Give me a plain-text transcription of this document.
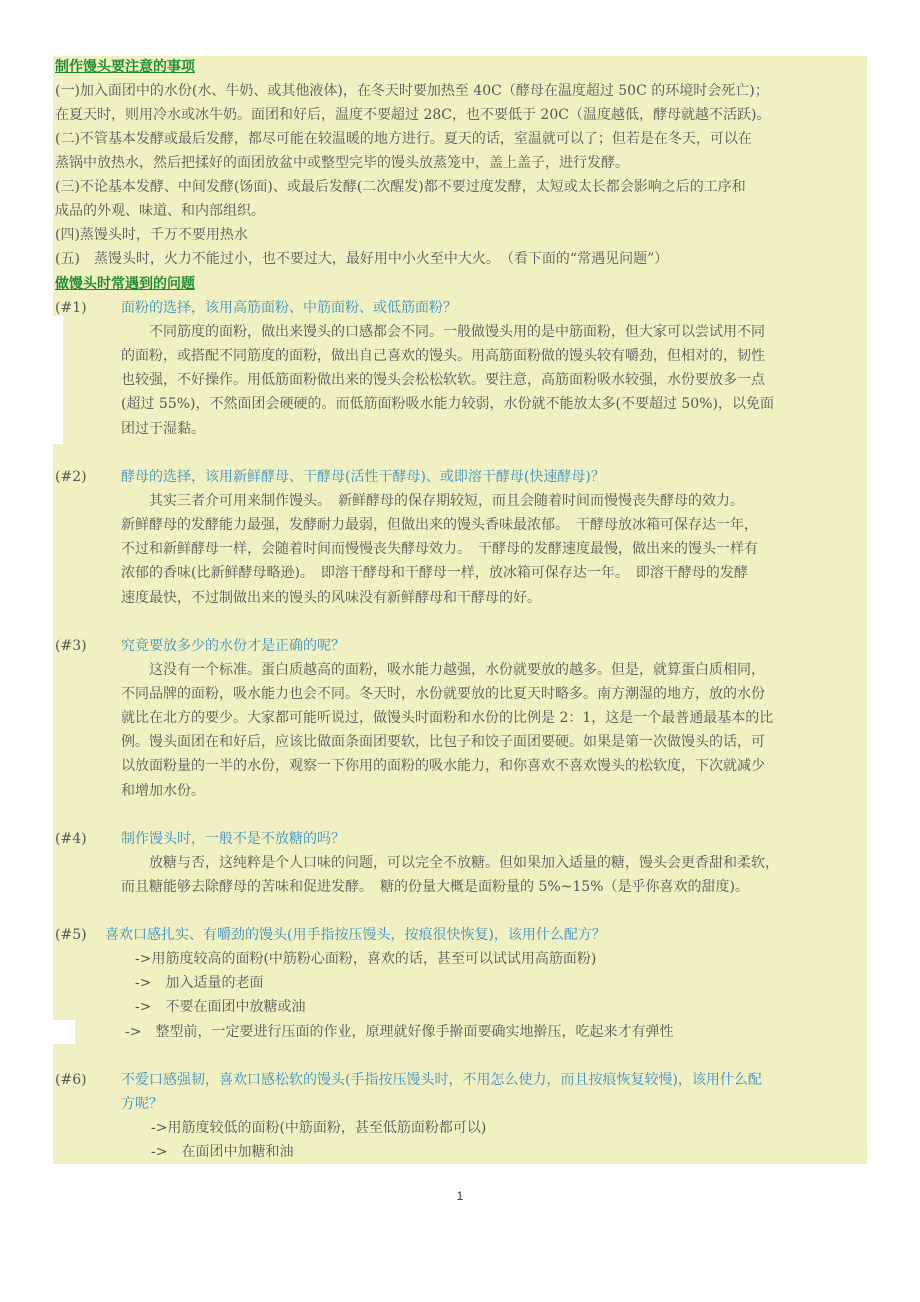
制作馒头要注意的事项
(一)加入面团中的水份(水、牛奶、或其他液体)，在冬天时要加热至 40C（酵母在温度超过 50C 的环境时会死亡)；
在夏天时，则用冷水或冰牛奶。面团和好后，温度不要超过 28C，也不要低于 20C（温度越低，酵母就越不活跃)。
(二)不管基本发酵或最后发酵，都尽可能在较温暖的地方进行。夏天的话，室温就可以了；但若是在冬天，可以在
蒸锅中放热水，然后把揉好的面团放盆中或整型完毕的馒头放蒸笼中，盖上盖子，进行发酵。
(三)不论基本发酵、中间发酵(饧面)、或最后发酵(二次醒发)都不要过度发酵，太短或太长都会影响之后的工序和
成品的外观、味道、和内部组织。
(四)蒸馒头时，千万不要用热水
(五)　蒸馒头时，火力不能过小，也不要过大，最好用中小火至中大火。　（看下面的“常遇见问题”）
做馒头时常遇到的问题
(#1) 面粉的选择，该用高筋面粉、中筋面粉、或低筋面粉？
　　不同筋度的面粉，做出来馒头的口感都会不同。一般做馒头用的是中筋面粉，但大家可以尝试用不同
的面粉，或搭配不同筋度的面粉，做出自己喜欢的馒头。用高筋面粉做的馒头较有嚼劲，但相对的，韧性
也较强，不好操作。用低筋面粉做出来的馒头会松松软软。要注意，高筋面粉吸水较强，水份要放多一点
(超过 55%)，不然面团会硬硬的。而低筋面粉吸水能力较弱，水份就不能放太多(不要超过 50%)，以免面
团过于湿黏。
(#2) 酵母的选择，该用新鲜酵母、干酵母(活性干酵母)、或即溶干酵母(快速酵母)？
　　其实三者介可用来制作馒头。　新鲜酵母的保存期较短，而且会随着时间而慢慢丧失酵母的效力。
新鲜酵母的发酵能力最强，发酵耐力最弱，但做出来的馒头香味最浓郁。　干酵母放冰箱可保存达一年，
不过和新鲜酵母一样，会随着时间而慢慢丧失酵母效力。　干酵母的发酵速度最慢，做出来的馒头一样有
浓郁的香味(比新鲜酵母略逊)。　即溶干酵母和干酵母一样，放冰箱可保存达一年。　即溶干酵母的发酵
速度最快，不过制做出来的馒头的风味没有新鲜酵母和干酵母的好。
(#3) 究竟要放多少的水份才是正确的呢？
　　这没有一个标准。蛋白质越高的面粉，吸水能力越强，水份就要放的越多。但是，就算蛋白质相同，
不同品牌的面粉，吸水能力也会不同。冬天时，水份就要放的比夏天时略多。南方潮湿的地方，放的水份
就比在北方的要少。大家都可能听说过，做馒头时面粉和水份的比例是 2：1，这是一个最普通最基本的比
例。馒头面团在和好后，应该比做面条面团要软，比包子和饺子面团要硬。如果是第一次做馒头的话，可
以放面粉量的一半的水份，观察一下你用的面粉的吸水能力，和你喜欢不喜欢馒头的松软度，下次就减少
和增加水份。
(#4) 制作馒头时，一般不是不放糖的吗？
　　放糖与否，这纯粹是个人口味的问题，可以完全不放糖。但如果加入适量的糖，馒头会更香甜和柔软，
而且糖能够去除酵母的苦味和促进发酵。　糖的份量大概是面粉量的 5%~15%（是乎你喜欢的甜度)。
(#5) 喜欢口感扎实、有嚼劲的馒头(用手指按压馒头，按痕很快恢复)，该用什么配方？
->用筋度较高的面粉(中筋粉心面粉，喜欢的话，甚至可以试试用高筋面粉)
->　加入适量的老面
->　不要在面团中放糖或油
->　整型前，一定要进行压面的作业，原理就好像手擀面要确实地擀压，吃起来才有弹性
(#6) 不爱口感强韧，喜欢口感松软的馒头(手指按压馒头时，不用怎么使力，而且按痕恢复较慢)，该用什么配
方呢？
->用筋度较低的面粉(中筋面粉，甚至低筋面粉都可以)
->　在面团中加糖和油
1
